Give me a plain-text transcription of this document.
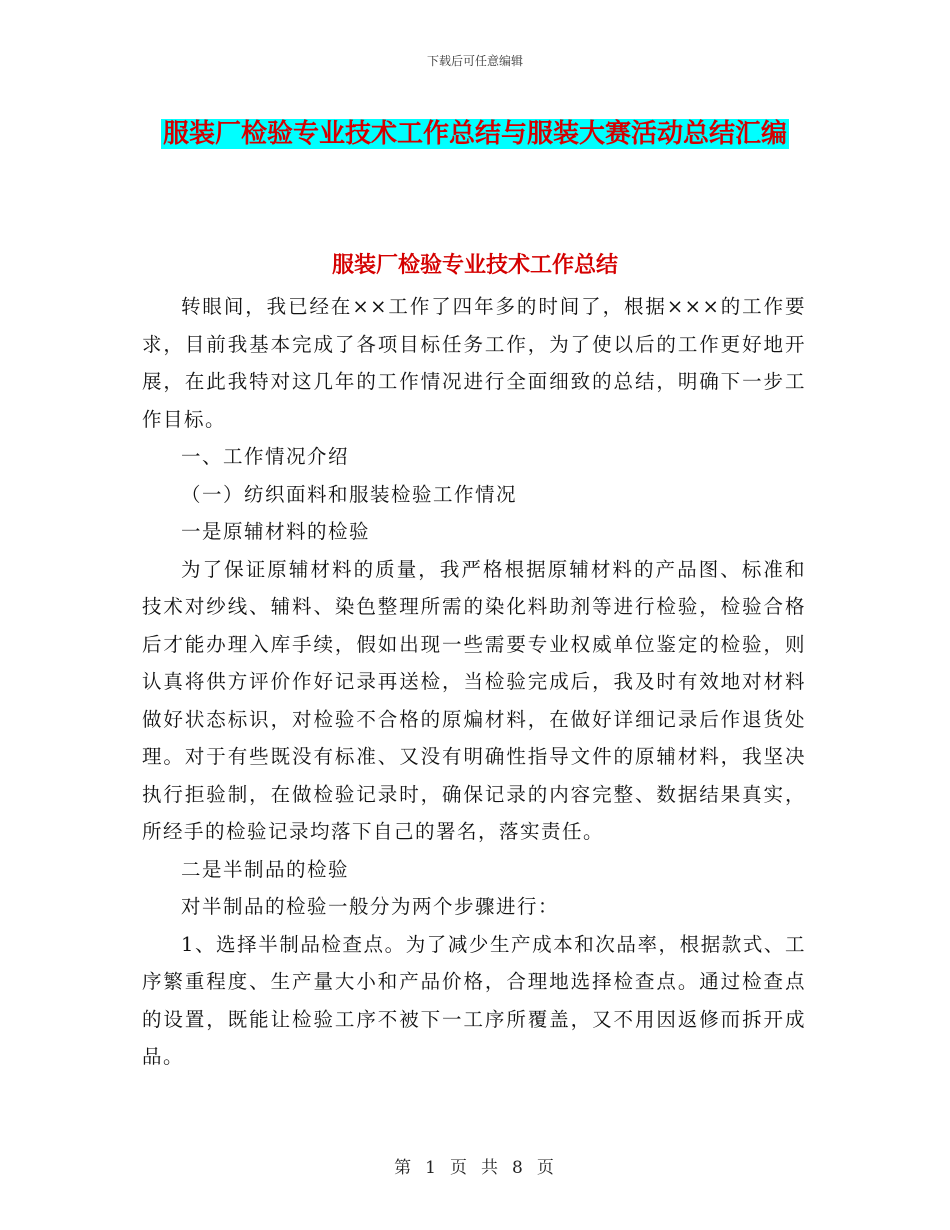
下载后可任意编辑
服装厂检验专业技术工作总结与服装大赛活动总结汇编
服装厂检验专业技术工作总结

转眼间，我已经在××工作了四年多的时间了，根据×××的工作要求，目前我基本完成了各项目标任务工作，为了使以后的工作更好地开展，在此我特对这几年的工作情况进行全面细致的总结，明确下一步工作目标。

一、工作情况介绍

（一）纺织面料和服装检验工作情况

一是原辅材料的检验

为了保证原辅材料的质量，我严格根据原辅材料的产品图、标准和技术对纱线、辅料、染色整理所需的染化料助剂等进行检验，检验合格后才能办理入库手续，假如出现一些需要专业权威单位鉴定的检验，则认真将供方评价作好记录再送检，当检验完成后，我及时有效地对材料做好状态标识，对检验不合格的原煸材料，在做好详细记录后作退货处理。对于有些既没有标准、又没有明确性指导文件的原辅材料，我坚决执行拒验制，在做检验记录时，确保记录的内容完整、数据结果真实，所经手的检验记录均落下自己的署名，落实责任。

二是半制品的检验

对半制品的检验一般分为两个步骤进行：

1、选择半制品检查点。为了减少生产成本和次品率，根据款式、工序繁重程度、生产量大小和产品价格，合理地选择检查点。通过检查点的设置，既能让检验工序不被下一工序所覆盖，又不用因返修而拆开成品。

第 1 页 共 8 页
